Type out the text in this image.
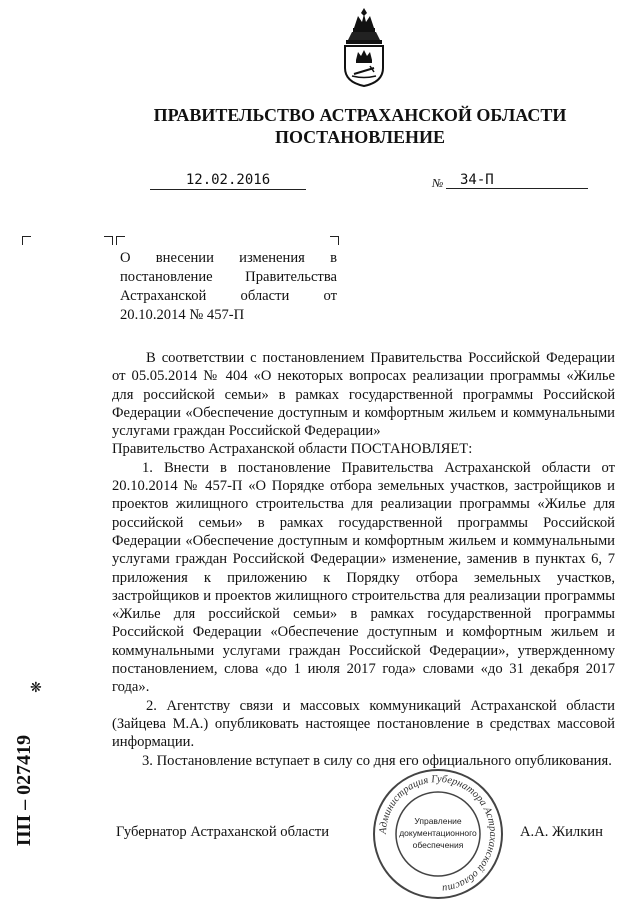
ПРАВИТЕЛЬСТВО АСТРАХАНСКОЙ ОБЛАСТИ
ПОСТАНОВЛЕНИЕ
12.02.2016	№	34-П
О внесении изменения в постановление Правительства Астраханской области от 20.10.2014 № 457-П

В соответствии с постановлением Правительства Российской Федерации от 05.05.2014 № 404 «О некоторых вопросах реализации программы «Жилье для российской семьи» в рамках государственной программы Российской Федерации «Обеспечение доступным и комфортным жильем и коммунальными услугами граждан Российской Федерации»

Правительство Астраханской области ПОСТАНОВЛЯЕТ:

1. Внести в постановление Правительства Астраханской области от 20.10.2014 № 457-П «О Порядке отбора земельных участков, застройщиков и проектов жилищного строительства для реализации программы «Жилье для российской семьи» в рамках государственной программы Российской Федерации «Обеспечение доступным и комфортным жильем и коммунальными услугами граждан Российской Федерации» изменение, заменив в пунктах 6, 7 приложения к приложению к Порядку отбора земельных участков, застройщиков и проектов жилищного строительства для реализации программы «Жилье для российской семьи» в рамках государственной программы Российской Федерации «Обеспечение доступным и комфортным жильем и коммунальными услугами граждан Российской Федерации», утвержденному постановлением, слова «до 1 июля 2017 года» словами «до 31 декабря 2017 года».

2. Агентству связи и массовых коммуникаций Астраханской области (Зайцева М.А.) опубликовать настоящее постановление в средствах массовой информации.

3. Постановление вступает в силу со дня его официального опубликования.

Губернатор Астраханской области	А.А. Жилкин
ПП – 027419
❋
Администрация Губернатора Астраханской области
Управление
документационного
обеспечения
